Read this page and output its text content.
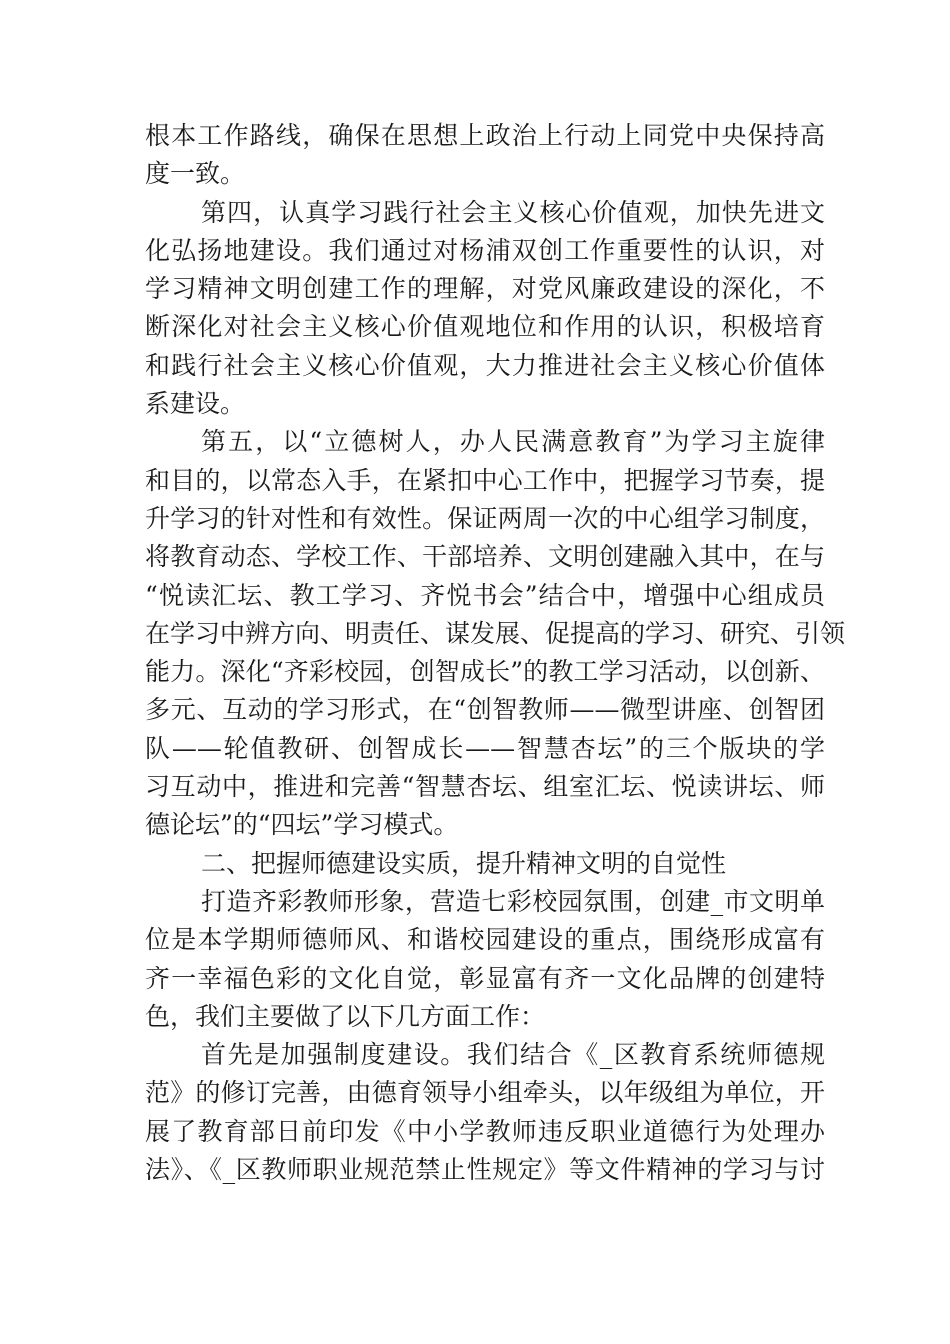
根本工作路线，确保在思想上政治上行动上同党中央保持高
度一致。
第四，认真学习践行社会主义核心价值观，加快先进文
化弘扬地建设。我们通过对杨浦双创工作重要性的认识，对
学习精神文明创建工作的理解，对党风廉政建设的深化，不
断深化对社会主义核心价值观地位和作用的认识，积极培育
和践行社会主义核心价值观，大力推进社会主义核心价值体
系建设。
第五，以“立德树人，办人民满意教育”为学习主旋律
和目的，以常态入手，在紧扣中心工作中，把握学习节奏，提
升学习的针对性和有效性。保证两周一次的中心组学习制度，
将教育动态、学校工作、干部培养、文明创建融入其中，在与
“悦读汇坛、教工学习、齐悦书会”结合中，增强中心组成员
在学习中辨方向、明责任、谋发展、促提高的学习、研究、引领
能力。深化“齐彩校园，创智成长”的教工学习活动，以创新、
多元、互动的学习形式，在“创智教师——微型讲座、创智团
队——轮值教研、创智成长——智慧杏坛”的三个版块的学
习互动中，推进和完善“智慧杏坛、组室汇坛、悦读讲坛、师
德论坛”的“四坛”学习模式。
二、把握师德建设实质，提升精神文明的自觉性
打造齐彩教师形象，营造七彩校园氛围，创建_市文明单
位是本学期师德师风、和谐校园建设的重点，围绕形成富有
齐一幸福色彩的文化自觉，彰显富有齐一文化品牌的创建特
色，我们主要做了以下几方面工作：
首先是加强制度建设。我们结合《_区教育系统师德规
范》的修订完善，由德育领导小组牵头，以年级组为单位，开
展了教育部日前印发《中小学教师违反职业道德行为处理办
法》、《_区教师职业规范禁止性规定》等文件精神的学习与讨
